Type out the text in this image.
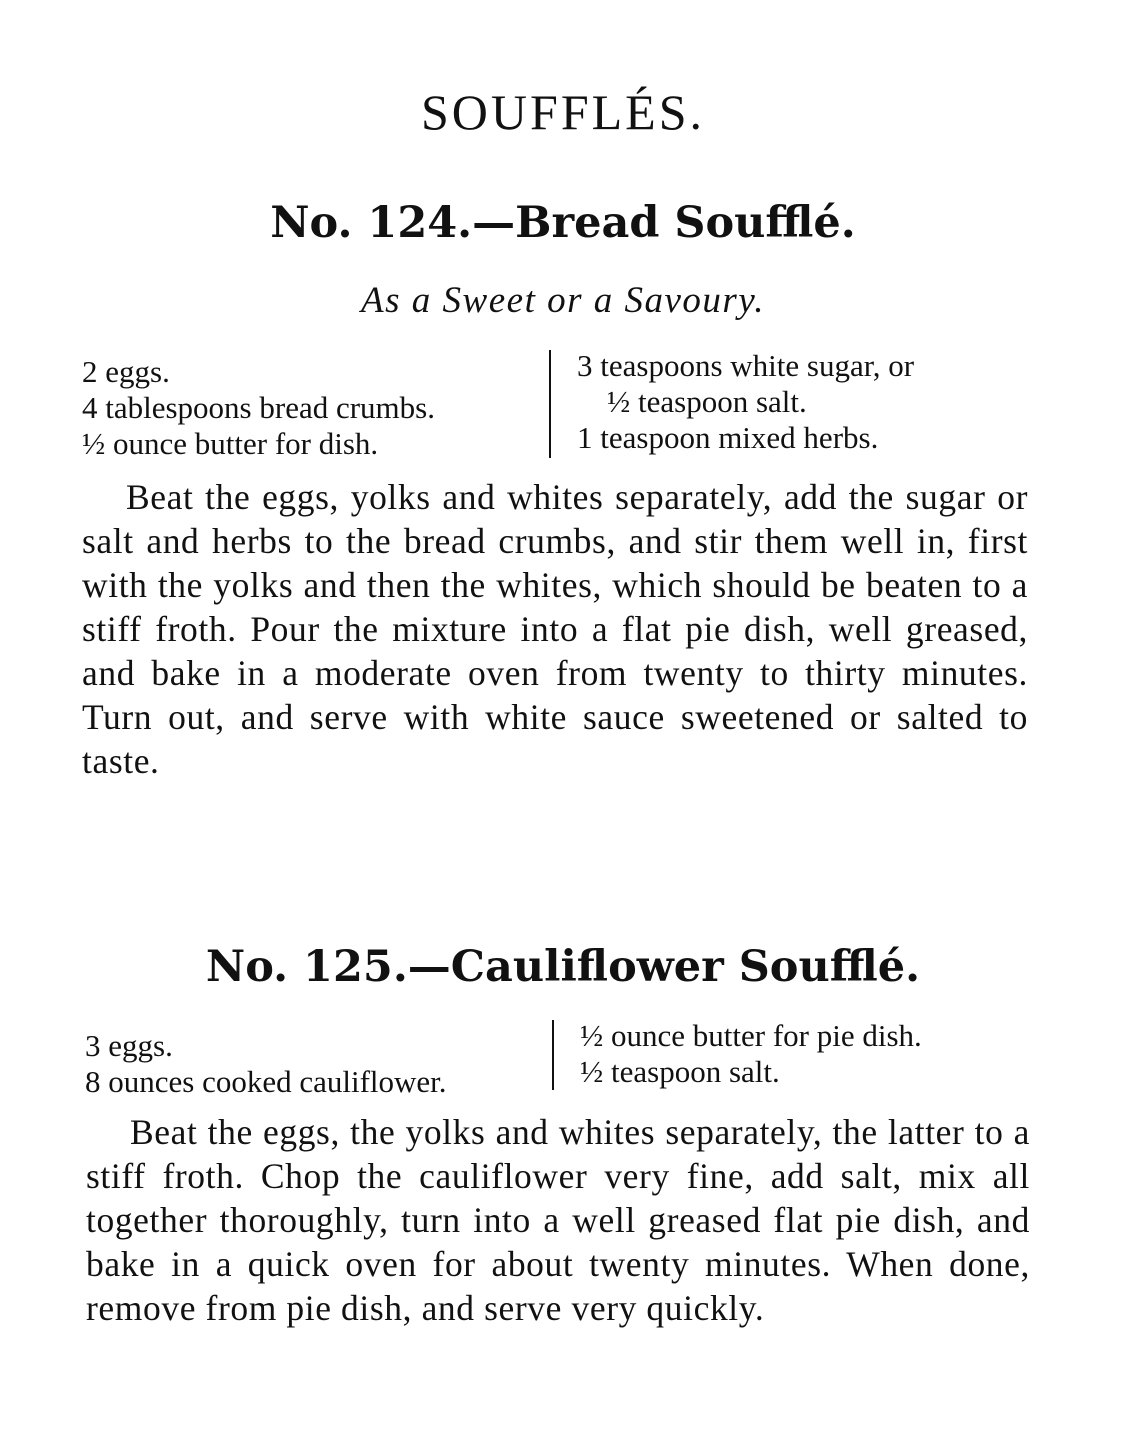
SOUFFLÉS.
No. 124.—Bread Soufflé.
As a Sweet or a Savoury.
2 eggs.
4 tablespoons bread crumbs.
½ ounce butter for dish.
3 teaspoons white sugar, or
½ teaspoon salt.
1 teaspoon mixed herbs.

Beat the eggs, yolks and whites separately, add the sugar or salt and herbs to the bread crumbs, and stir them well in, first with the yolks and then the whites, which should be beaten to a stiff froth. Pour the mixture into a flat pie dish, well greased, and bake in a moderate oven from twenty to thirty minutes. Turn out, and serve with white sauce sweetened or salted to taste.

No. 125.—Cauliflower Soufflé.
3 eggs.
8 ounces cooked cauliflower.
½ ounce butter for pie dish.
½ teaspoon salt.

Beat the eggs, the yolks and whites separately, the latter to a stiff froth. Chop the cauliflower very fine, add salt, mix all together thoroughly, turn into a well greased flat pie dish, and bake in a quick oven for about twenty minutes. When done, remove from pie dish, and serve very quickly.
